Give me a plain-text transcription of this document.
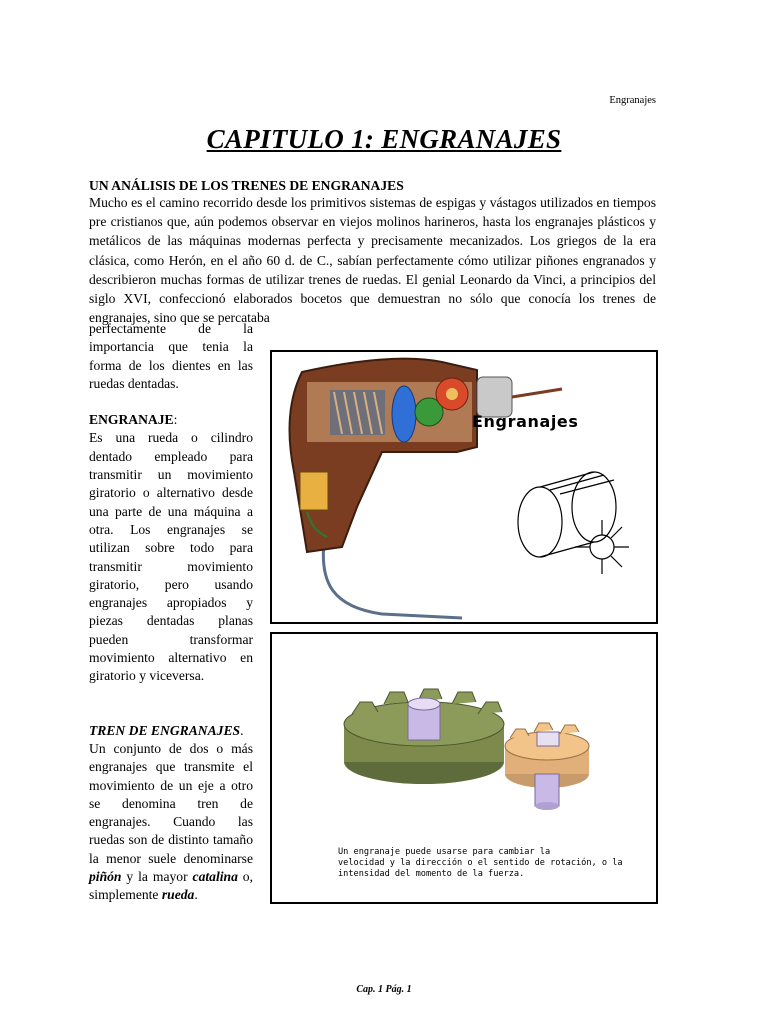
Engranajes
CAPITULO 1: ENGRANAJES
UN ANÁLISIS DE LOS TRENES DE ENGRANAJES
Mucho es el camino recorrido desde los primitivos sistemas de espigas y vástagos utilizados en tiempos pre cristianos que, aún podemos observar en viejos molinos harineros, hasta los engranajes plásticos y metálicos de las máquinas modernas perfecta y precisamente mecanizados. Los griegos de la era clásica, como Herón, en el año 60 d. de C., sabían perfectamente cómo utilizar piñones engranados y describieron muchas formas de utilizar trenes de ruedas. El genial Leonardo da Vinci, a principios del siglo XVI, confeccionó elaborados bocetos que demuestran no sólo que conocía los trenes de engranajes, sino que se percataba

perfectamente de la importancia que tenia la forma de los dientes en las ruedas dentadas.

ENGRANAJE:
Es una rueda o cilindro dentado empleado para transmitir un movimiento giratorio o alternativo desde una parte de una máquina a otra. Los engranajes se utilizan sobre todo para transmitir movimiento giratorio, pero usando engranajes apropiados y piezas dentadas planas pueden transformar movimiento alternativo en giratorio y viceversa.

TREN DE ENGRANAJES.
Un conjunto de dos o más engranajes que transmite el movimiento de un eje a otro se denomina tren de engranajes. Cuando las ruedas son de distinto tamaño la menor suele denominarse piñón y la mayor catalina o, simplemente rueda.

Engranajes
Un engranaje puede usarse para cambiar la
velocidad y la dirección o el sentido de rotación, o la
intensidad del momento de la fuerza.
Cap. 1 Pág. 1
